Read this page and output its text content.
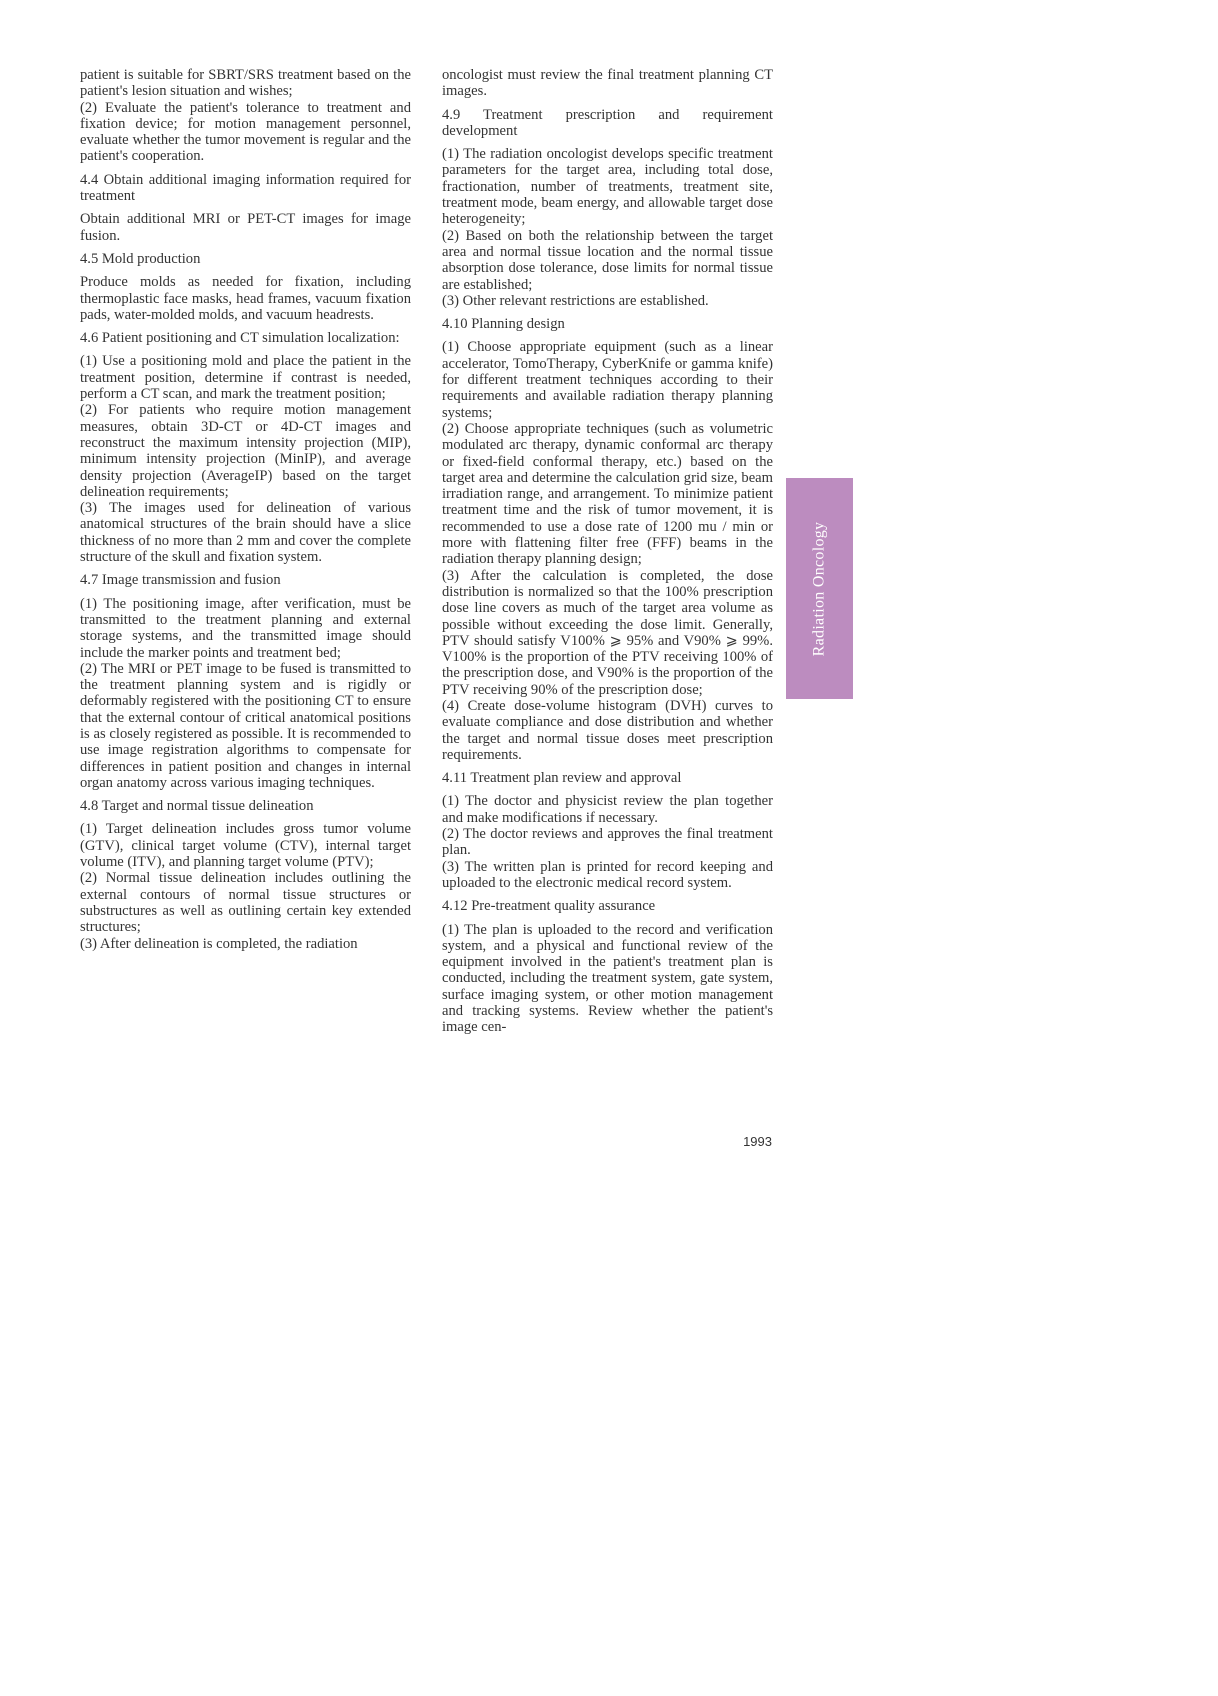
patient is suitable for SBRT/SRS treatment based on the patient's lesion situation and wishes;

(2) Evaluate the patient's tolerance to treatment and fixation device; for motion management personnel, evaluate whether the tumor movement is regular and the patient's cooperation.

4.4 Obtain additional imaging information required for treatment

Obtain additional MRI or PET-CT images for image fusion.

4.5 Mold production

Produce molds as needed for fixation, including thermoplastic face masks, head frames, vacuum fixation pads, water-molded molds, and vacuum headrests.

4.6 Patient positioning and CT simulation localization:

(1) Use a positioning mold and place the patient in the treatment position, determine if contrast is needed, perform a CT scan, and mark the treatment position;

(2) For patients who require motion management measures, obtain 3D-CT or 4D-CT images and reconstruct the maximum intensity projection (MIP), minimum intensity projection (MinIP), and average density projection (AverageIP) based on the target delineation requirements;

(3) The images used for delineation of various anatomical structures of the brain should have a slice thickness of no more than 2 mm and cover the complete structure of the skull and fixation system.

4.7 Image transmission and fusion

(1) The positioning image, after verification, must be transmitted to the treatment planning and external storage systems, and the transmitted image should include the marker points and treatment bed;

(2) The MRI or PET image to be fused is transmitted to the treatment planning system and is rigidly or deformably registered with the positioning CT to ensure that the external contour of critical anatomical positions is as closely registered as possible. It is recommended to use image registration algorithms to compensate for differences in patient position and changes in internal organ anatomy across various imaging techniques.

4.8 Target and normal tissue delineation

(1) Target delineation includes gross tumor volume (GTV), clinical target volume (CTV), internal target volume (ITV), and planning target volume (PTV);

(2) Normal tissue delineation includes outlining the external contours of normal tissue structures or substructures as well as outlining certain key extended structures;

(3) After delineation is completed, the radiation

oncologist must review the final treatment planning CT images.

4.9 Treatment prescription and requirement development

(1) The radiation oncologist develops specific treatment parameters for the target area, including total dose, fractionation, number of treatments, treatment site, treatment mode, beam energy, and allowable target dose heterogeneity;

(2) Based on both the relationship between the target area and normal tissue location and the normal tissue absorption dose tolerance, dose limits for normal tissue are established;

(3) Other relevant restrictions are established.

4.10 Planning design

(1) Choose appropriate equipment (such as a linear accelerator, TomoTherapy, CyberKnife or gamma knife) for different treatment techniques according to their requirements and available radiation therapy planning systems;

(2) Choose appropriate techniques (such as volumetric modulated arc therapy, dynamic conformal arc therapy or fixed-field conformal therapy, etc.) based on the target area and determine the calculation grid size, beam irradiation range, and arrangement. To minimize patient treatment time and the risk of tumor movement, it is recommended to use a dose rate of 1200 mu / min or more with flattening filter free (FFF) beams in the radiation therapy planning design;

(3) After the calculation is completed, the dose distribution is normalized so that the 100% prescription dose line covers as much of the target area volume as possible without exceeding the dose limit. Generally, PTV should satisfy V100% ⩾ 95% and V90% ⩾ 99%. V100% is the proportion of the PTV receiving 100% of the prescription dose, and V90% is the proportion of the PTV receiving 90% of the prescription dose;

(4) Create dose-volume histogram (DVH) curves to evaluate compliance and dose distribution and whether the target and normal tissue doses meet prescription requirements.

4.11 Treatment plan review and approval

(1) The doctor and physicist review the plan together and make modifications if necessary.

(2) The doctor reviews and approves the final treatment plan.

(3) The written plan is printed for record keeping and uploaded to the electronic medical record system.

4.12 Pre-treatment quality assurance

(1) The plan is uploaded to the record and verification system, and a physical and functional review of the equipment involved in the patient's treatment plan is conducted, including the treatment system, gate system, surface imaging system, or other motion management and tracking systems. Review whether the patient's image cen-

Radiation Oncology
1993
